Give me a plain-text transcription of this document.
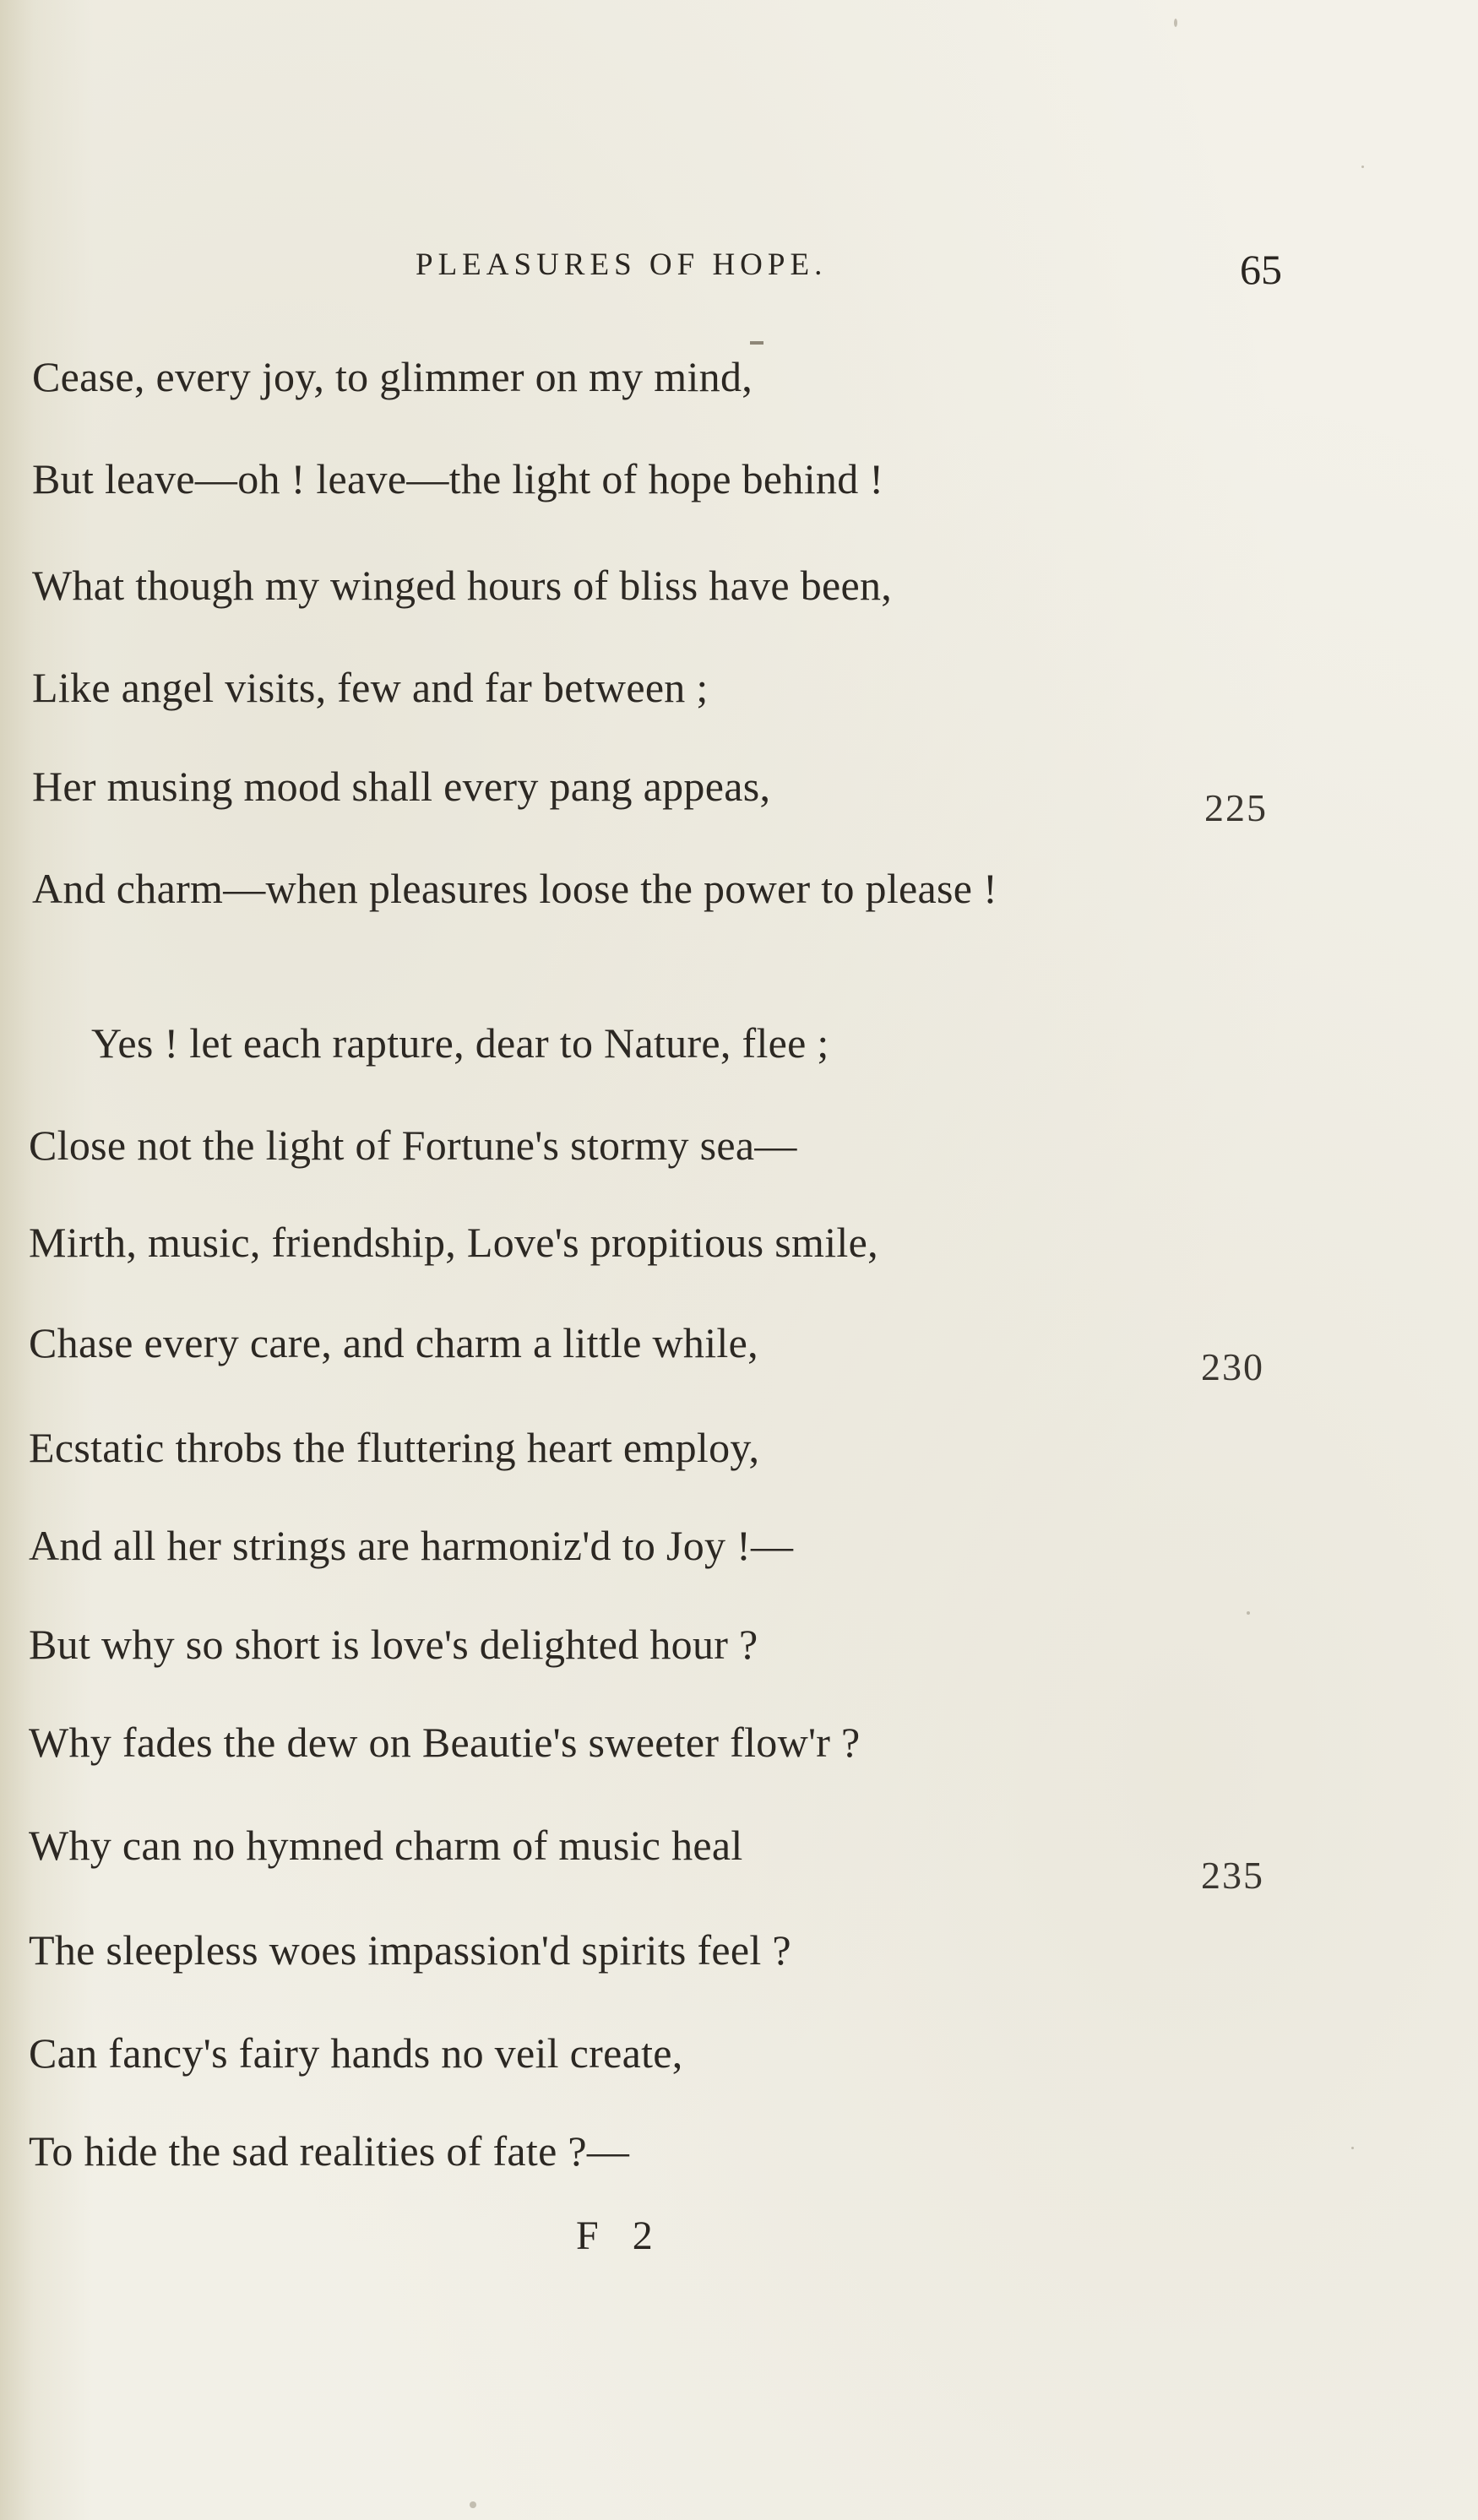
PLEASURES OF HOPE.	65
Cease, every joy, to glimmer on my mind,
But leave—oh ! leave—the light of hope behind !
What though my winged hours of bliss have been,
Like angel visits, few and far between ;
Her musing mood shall every pang appeas,
And charm—when pleasures loose the power to please !
Yes ! let each rapture, dear to Nature, flee ;
Close not the light of Fortune's stormy sea—
Mirth, music, friendship, Love's propitious smile,
Chase every care, and charm a little while,
Ecstatic throbs the fluttering heart employ,
And all her strings are harmoniz'd to Joy !—
But why so short is love's delighted hour ?
Why fades the dew on Beautie's sweeter flow'r ?
Why can no hymned charm of music heal
The sleepless woes impassion'd spirits feel ?
Can fancy's fairy hands no veil create,
To hide the sad realities of fate ?—
225
230
235
F 2
